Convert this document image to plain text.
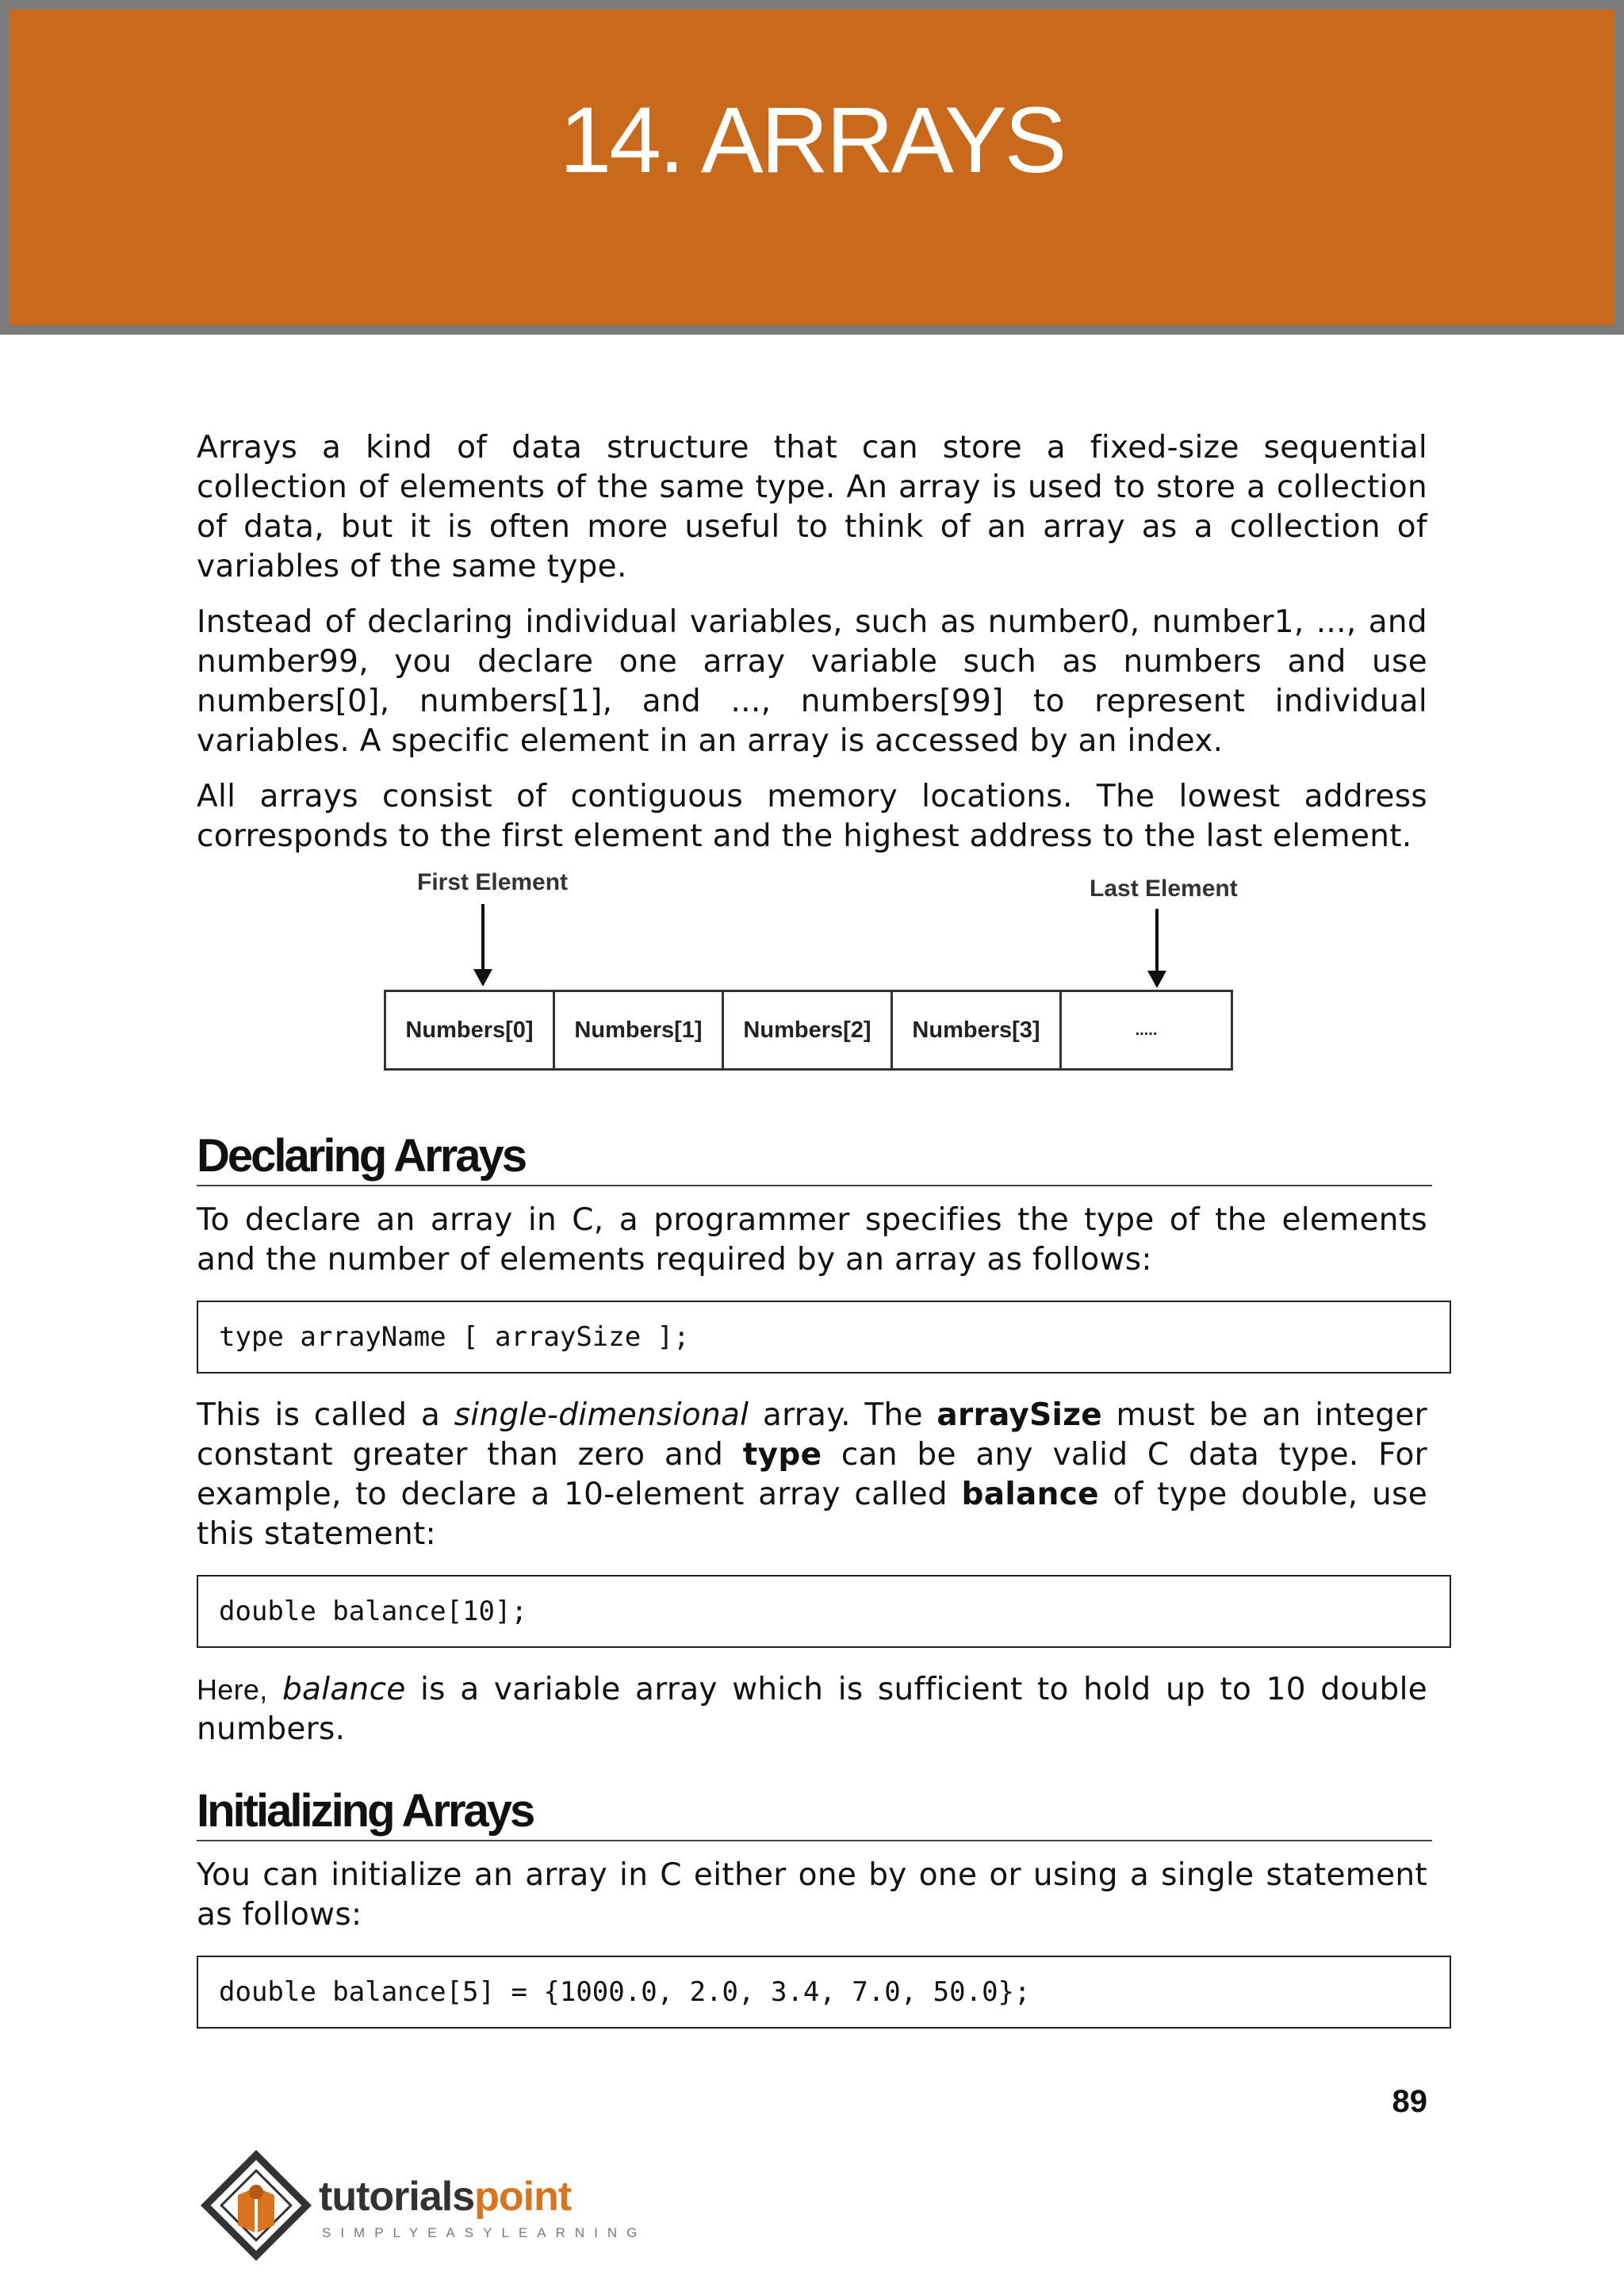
14. ARRAYS

Arrays a kind of data structure that can store a fixed-size sequential collection of elements of the same type. An array is used to store a collection of data, but it is often more useful to think of an array as a collection of variables of the same type.

Instead of declaring individual variables, such as number0, number1, ..., and number99, you declare one array variable such as numbers and use numbers[0], numbers[1], and ..., numbers[99] to represent individual variables. A specific element in an array is accessed by an index.

All arrays consist of contiguous memory locations. The lowest address corresponds to the first element and the highest address to the last element.

First Element	Last Element
Numbers[0]	Numbers[1]	Numbers[2]	Numbers[3]	.....
Declaring Arrays

To declare an array in C, a programmer specifies the type of the elements and the number of elements required by an array as follows:

type arrayName [ arraySize ];

This is called a single-dimensional array. The arraySize must be an integer constant greater than zero and type can be any valid C data type. For example, to declare a 10-element array called balance of type double, use this statement:

double balance[10];

Here, balance is a variable array which is sufficient to hold up to 10 double numbers.

Initializing Arrays

You can initialize an array in C either one by one or using a single statement as follows:

double balance[5] = {1000.0, 2.0, 3.4, 7.0, 50.0};
89
tutorialspoint
SIMPLYEASYLEARNING
